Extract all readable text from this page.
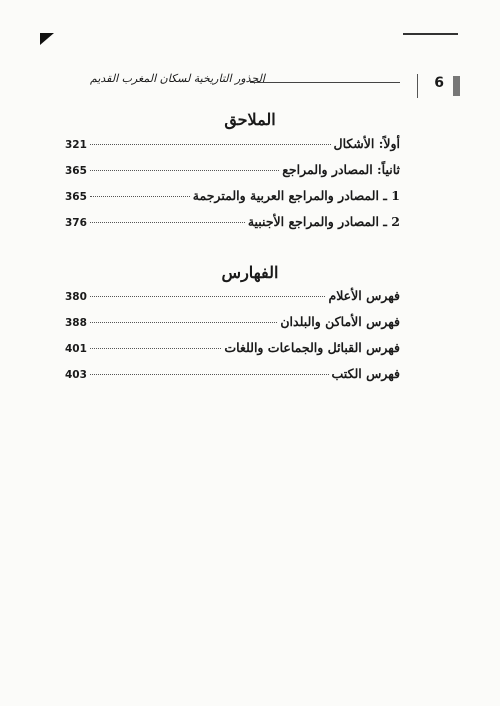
6
الجذور التاريخية لسكان المغرب القديم
الملاحق
أولاً: الأشكال
321
ثانياً: المصادر والمراجع
365
1 ـ المصادر والمراجع العربية والمترجمة
365
2 ـ المصادر والمراجع الأجنبية
376
الفهارس
فهرس الأعلام
380
فهرس الأماكن والبلدان
388
فهرس القبائل والجماعات واللغات
401
فهرس الكتب
403
